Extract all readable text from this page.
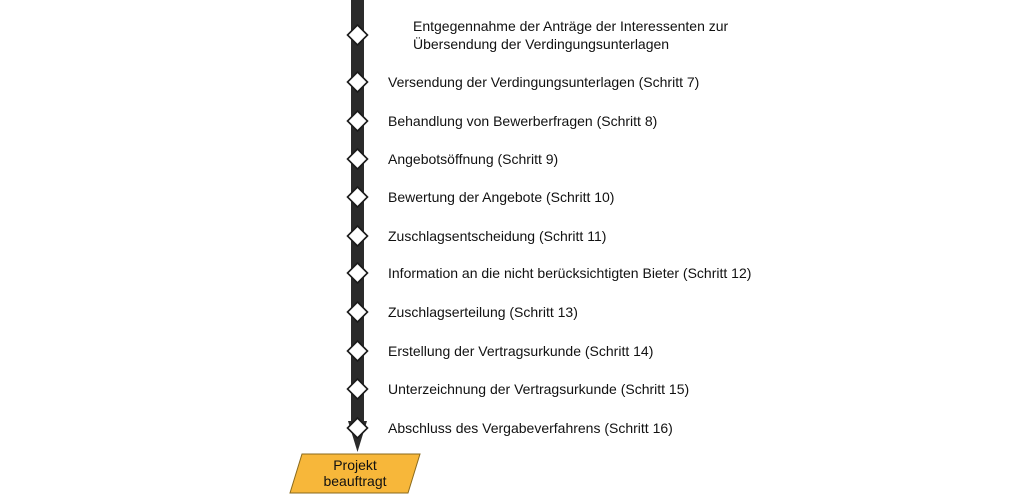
Entgegennahme der Anträge der Interessenten zur
Übersendung der Verdingungsunterlagen
Versendung der Verdingungsunterlagen (Schritt 7)
Behandlung von Bewerberfragen (Schritt 8)
Angebotsöffnung (Schritt 9)
Bewertung der Angebote (Schritt 10)
Zuschlagsentscheidung (Schritt 11)
Information an die nicht berücksichtigten Bieter (Schritt 12)
Zuschlagserteilung (Schritt 13)
Erstellung der Vertragsurkunde (Schritt 14)
Unterzeichnung der Vertragsurkunde (Schritt 15)
Abschluss des Vergabeverfahrens (Schritt 16)
Projekt
beauftragt
